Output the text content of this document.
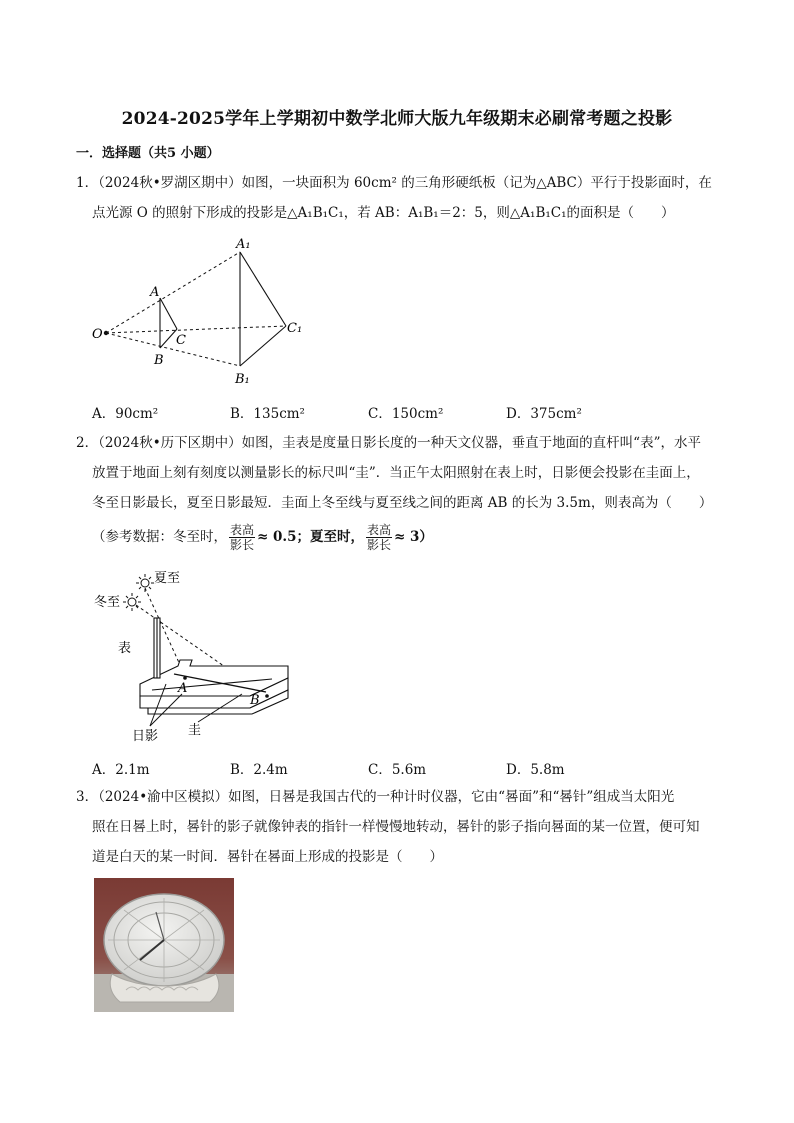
2024-2025学年上学期初中数学北师大版九年级期末必刷常考题之投影
一．选择题（共5 小题）
1．（2024秋•罗湖区期中）如图，一块面积为 60cm² 的三角形硬纸板（记为△ABC）平行于投影面时，在
点光源 O 的照射下形成的投影是△A₁B₁C₁，若 AB：A₁B₁＝2：5，则△A₁B₁C₁的面积是（　　）
A₁
A
O	C
C₁
B
B₁
A．90cm²	B．135cm²	C．150cm²	D．375cm²
2．（2024秋•历下区期中）如图，圭表是度量日影长度的一种天文仪器，垂直于地面的直杆叫“表”，水平
放置于地面上刻有刻度以测量影长的标尺叫“圭”．当正午太阳照射在表上时，日影便会投影在圭面上，
冬至日影最长，夏至日影最短．圭面上冬至线与夏至线之间的距离 AB 的长为 3.5m，则表高为（　　）
（参考数据：冬至时， $\frac{\text{表高}}{\text{影长}} \approx 0.5$；夏至时， $\frac{\text{表高}}{\text{影长}} \approx 3$）
夏至
冬至
A
B
表
日影 圭
A．2.1m	B．2.4m	C．5.6m	D．5.8m
3．（2024•渝中区模拟）如图，日晷是我国古代的一种计时仪器，它由“晷面”和“晷针”组成当太阳光
照在日晷上时，晷针的影子就像钟表的指针一样慢慢地转动，晷针的影子指向晷面的某一位置，便可知
道是白天的某一时间．晷针在晷面上形成的投影是（　　）
